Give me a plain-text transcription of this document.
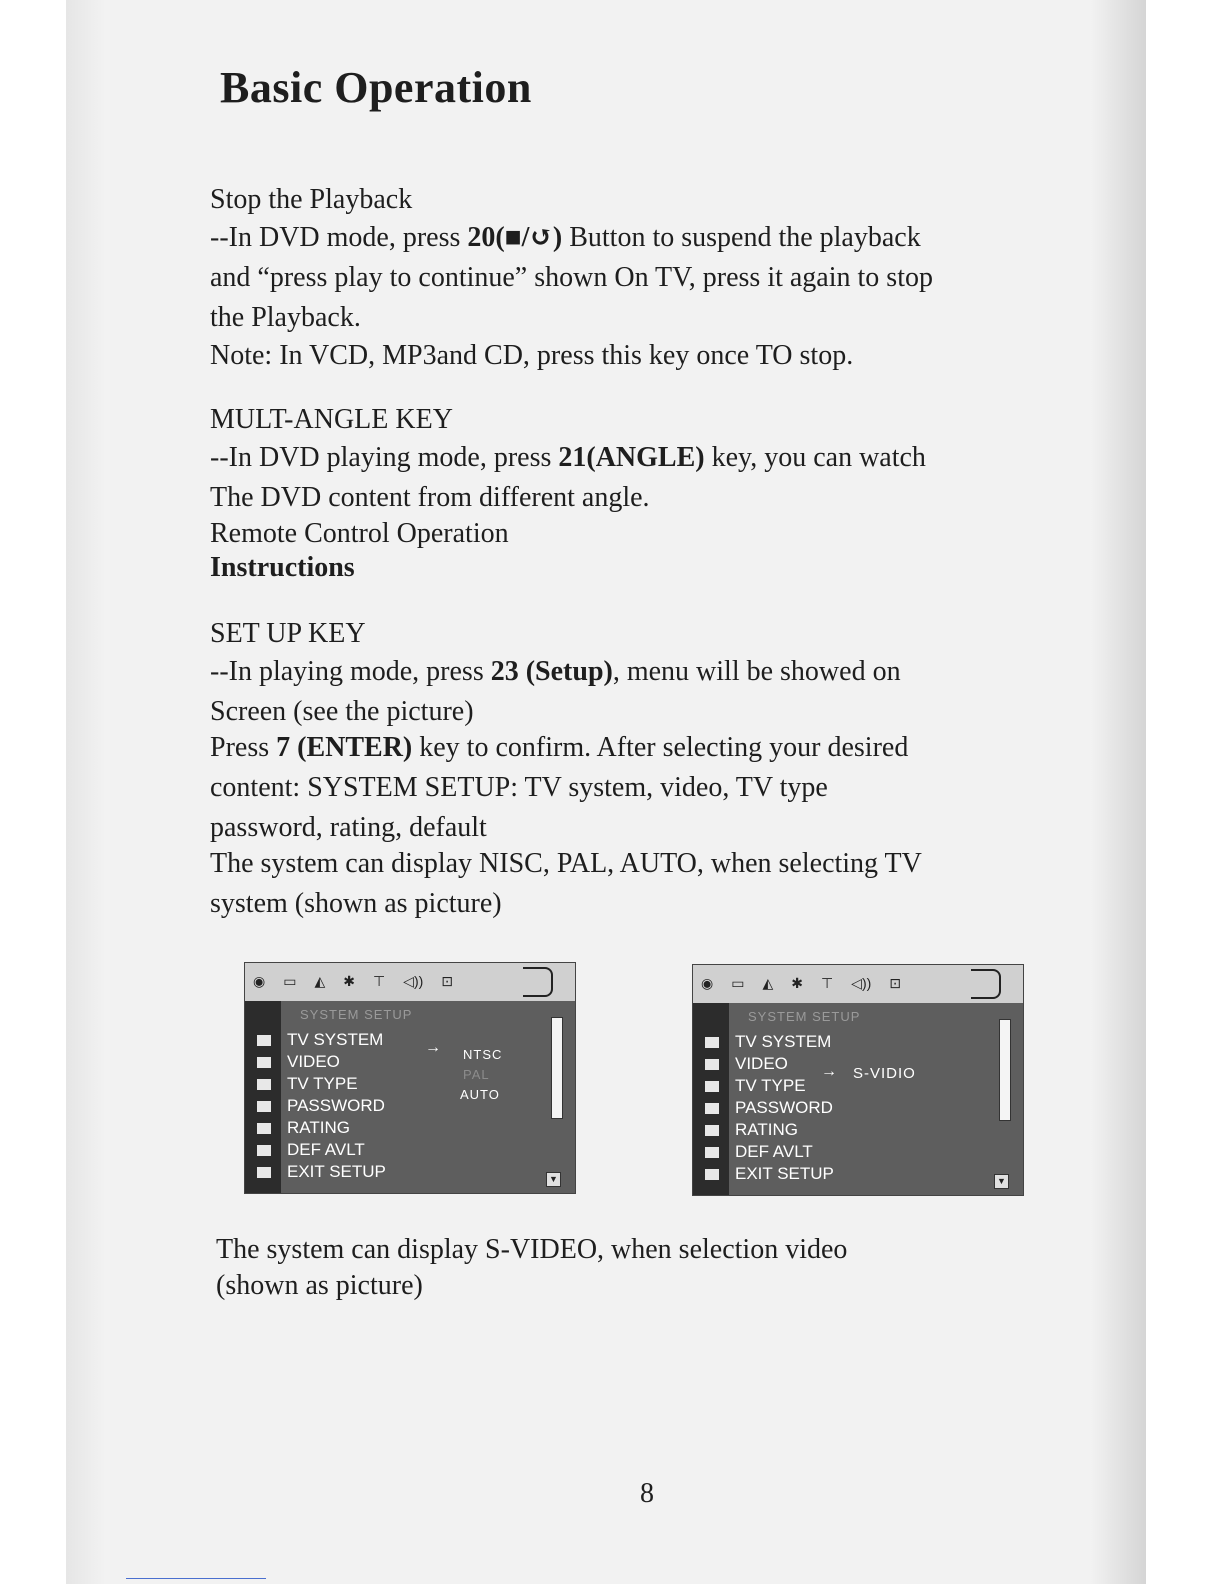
Basic Operation
Stop the Playback
--In DVD mode, press 20(■/↺) Button to suspend the playback
and “press play to continue” shown On TV, press it again to stop
the Playback.
Note: In VCD, MP3and CD, press this key once TO stop.
MULT-ANGLE KEY
--In DVD playing mode, press 21(ANGLE) key, you can watch
The DVD content from different angle.
Remote Control Operation
Instructions
SET UP KEY
--In playing mode, press 23 (Setup), menu will be showed on
Screen (see the picture)
Press 7 (ENTER) key to confirm. After selecting your desired
content: SYSTEM SETUP: TV system, video, TV type
password, rating, default
The system can display NISC, PAL, AUTO, when selecting TV
system (shown as picture)
◉ ▭ ◭ ✱ ⊤ ◁)) ⊡
SYSTEM SETUP
TV SYSTEM
VIDEO
TV TYPE
PASSWORD
RATING
DEF AVLT
EXIT SETUP
→ NTSC
PAL
AUTO
▼
◉ ▭ ◭ ✱ ⊤ ◁)) ⊡
SYSTEM SETUP
TV SYSTEM
VIDEO
TV TYPE
PASSWORD
RATING
DEF AVLT
EXIT SETUP
→ S-VIDIO
▼
The system can display S-VIDEO, when selection video
(shown as picture)
8
